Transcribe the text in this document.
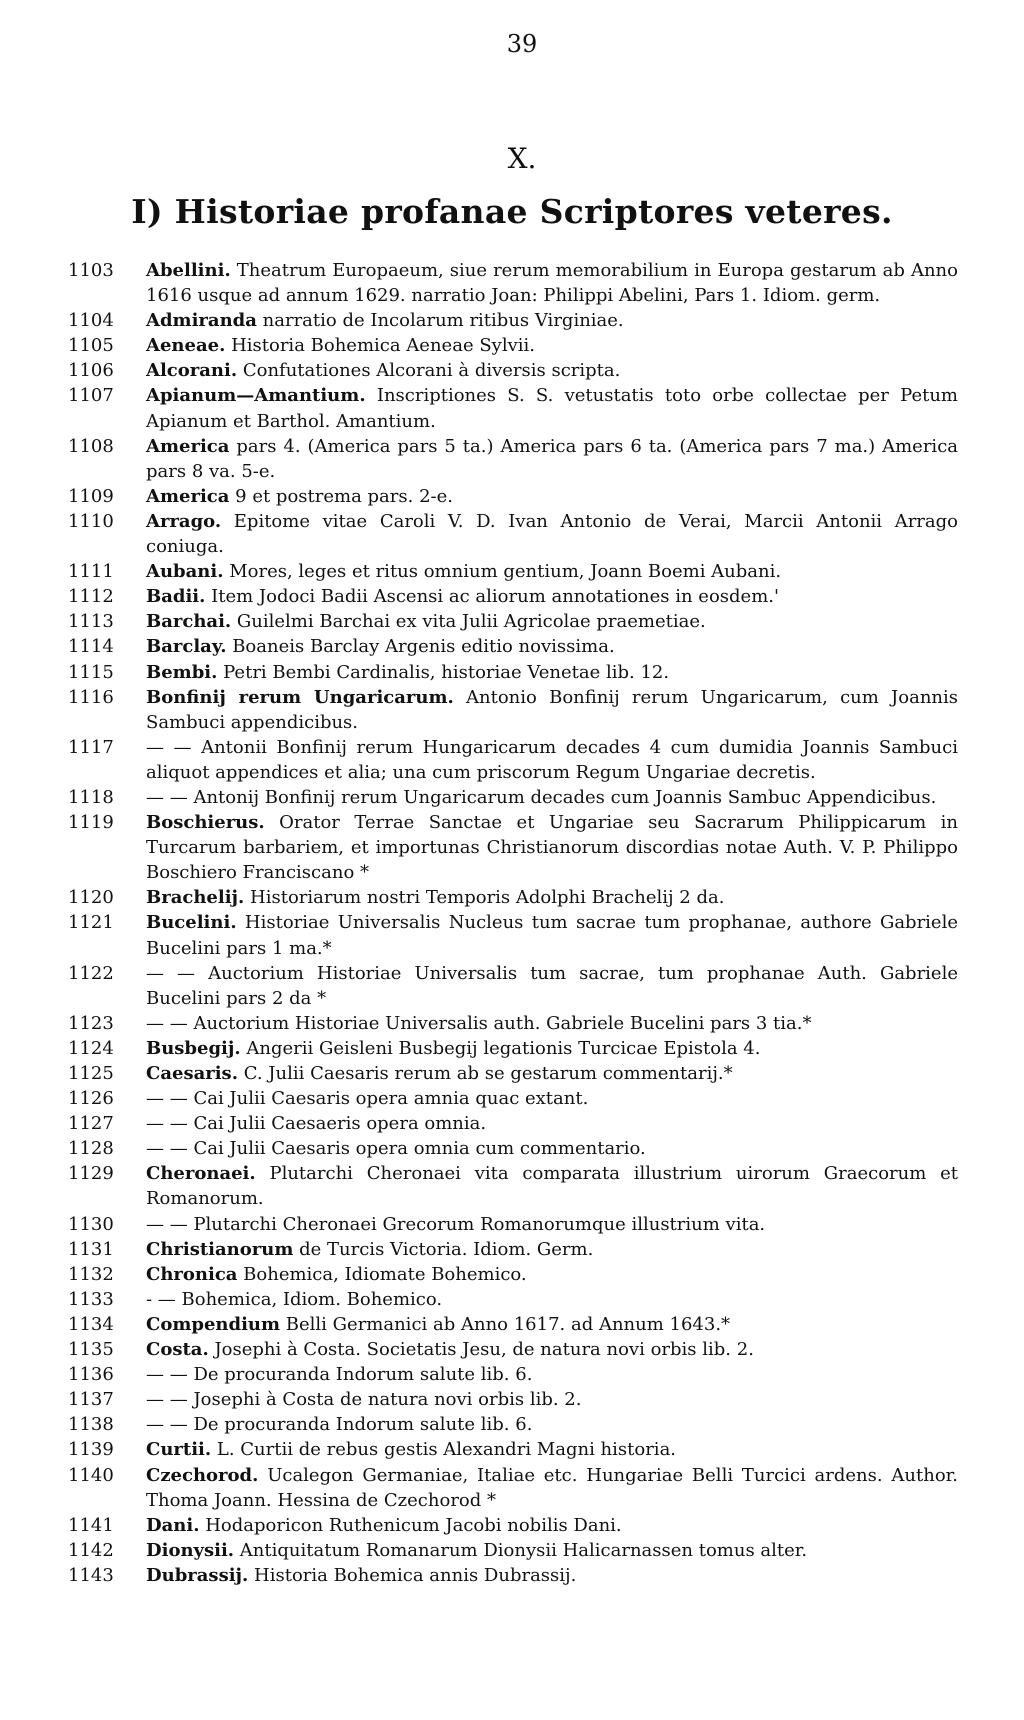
39
X.
I) Historiae profanae Scriptores veteres.
1103	Abellini. Theatrum Europaeum, siue rerum memorabilium in Europa gestarum ab Anno 1616 usque ad annum 1629. narratio Joan: Philippi Abelini, Pars 1. Idiom. germ.
1104	Admiranda narratio de Incolarum ritibus Virginiae.
1105	Aeneae. Historia Bohemica Aeneae Sylvii.
1106	Alcorani. Confutationes Alcorani à diversis scripta.
1107	Apianum—Amantium. Inscriptiones S. S. vetustatis toto orbe collectae per Petum Apianum et Barthol. Amantium.
1108	America pars 4. (America pars 5 ta.) America pars 6 ta. (America pars 7 ma.) America pars 8 va. 5-e.
1109	America 9 et postrema pars. 2-e.
1110	Arrago. Epitome vitae Caroli V. D. Ivan Antonio de Verai, Marcii Antonii Arrago coniuga.
1111	Aubani. Mores, leges et ritus omnium gentium, Joann Boemi Aubani.
1112	Badii. Item Jodoci Badii Ascensi ac aliorum annotationes in eosdem.'
1113	Barchai. Guilelmi Barchai ex vita Julii Agricolae praemetiae.
1114	Barclay. Boaneis Barclay Argenis editio novissima.
1115	Bembi. Petri Bembi Cardinalis, historiae Venetae lib. 12.
1116	Bonfinij rerum Ungaricarum. Antonio Bonfinij rerum Ungaricarum, cum Joannis Sambuci appendicibus.
1117	— — Antonii Bonfinij rerum Hungaricarum decades 4 cum dumidia Joannis Sambuci aliquot appendices et alia; una cum priscorum Regum Ungariae decretis.
1118	— — Antonij Bonfinij rerum Ungaricarum decades cum Joannis Sambuc Appendicibus.
1119	Boschierus. Orator Terrae Sanctae et Ungariae seu Sacrarum Philippicarum in Turcarum barbariem, et importunas Christianorum discordias notae Auth. V. P. Philippo Boschiero Franciscano *
1120	Brachelij. Historiarum nostri Temporis Adolphi Brachelij 2 da.
1121	Bucelini. Historiae Universalis Nucleus tum sacrae tum prophanae, authore Gabriele Bucelini pars 1 ma.*
1122	— — Auctorium Historiae Universalis tum sacrae, tum prophanae Auth. Gabriele Bucelini pars 2 da *
1123	— — Auctorium Historiae Universalis auth. Gabriele Bucelini pars 3 tia.*
1124	Busbegij. Angerii Geisleni Busbegij legationis Turcicae Epistola 4.
1125	Caesaris. C. Julii Caesaris rerum ab se gestarum commentarij.*
1126	— — Cai Julii Caesaris opera amnia quac extant.
1127	— — Cai Julii Caesaeris opera omnia.
1128	— — Cai Julii Caesaris opera omnia cum commentario.
1129	Cheronaei. Plutarchi Cheronaei vita comparata illustrium uirorum Graecorum et Romanorum.
1130	— — Plutarchi Cheronaei Grecorum Romanorumque illustrium vita.
1131	Christianorum de Turcis Victoria. Idiom. Germ.
1132	Chronica Bohemica, Idiomate Bohemico.
1133	- — Bohemica, Idiom. Bohemico.
1134	Compendium Belli Germanici ab Anno 1617. ad Annum 1643.*
1135	Costa. Josephi à Costa. Societatis Jesu, de natura novi orbis lib. 2.
1136	— — De procuranda Indorum salute lib. 6.
1137	— — Josephi à Costa de natura novi orbis lib. 2.
1138	— — De procuranda Indorum salute lib. 6.
1139	Curtii. L. Curtii de rebus gestis Alexandri Magni historia.
1140	Czechorod. Ucalegon Germaniae, Italiae etc. Hungariae Belli Turcici ardens. Author. Thoma Joann. Hessina de Czechorod *
1141	Dani. Hodaporicon Ruthenicum Jacobi nobilis Dani.
1142	Dionysii. Antiquitatum Romanarum Dionysii Halicarnassen tomus alter.
1143	Dubrassij. Historia Bohemica annis Dubrassij.
